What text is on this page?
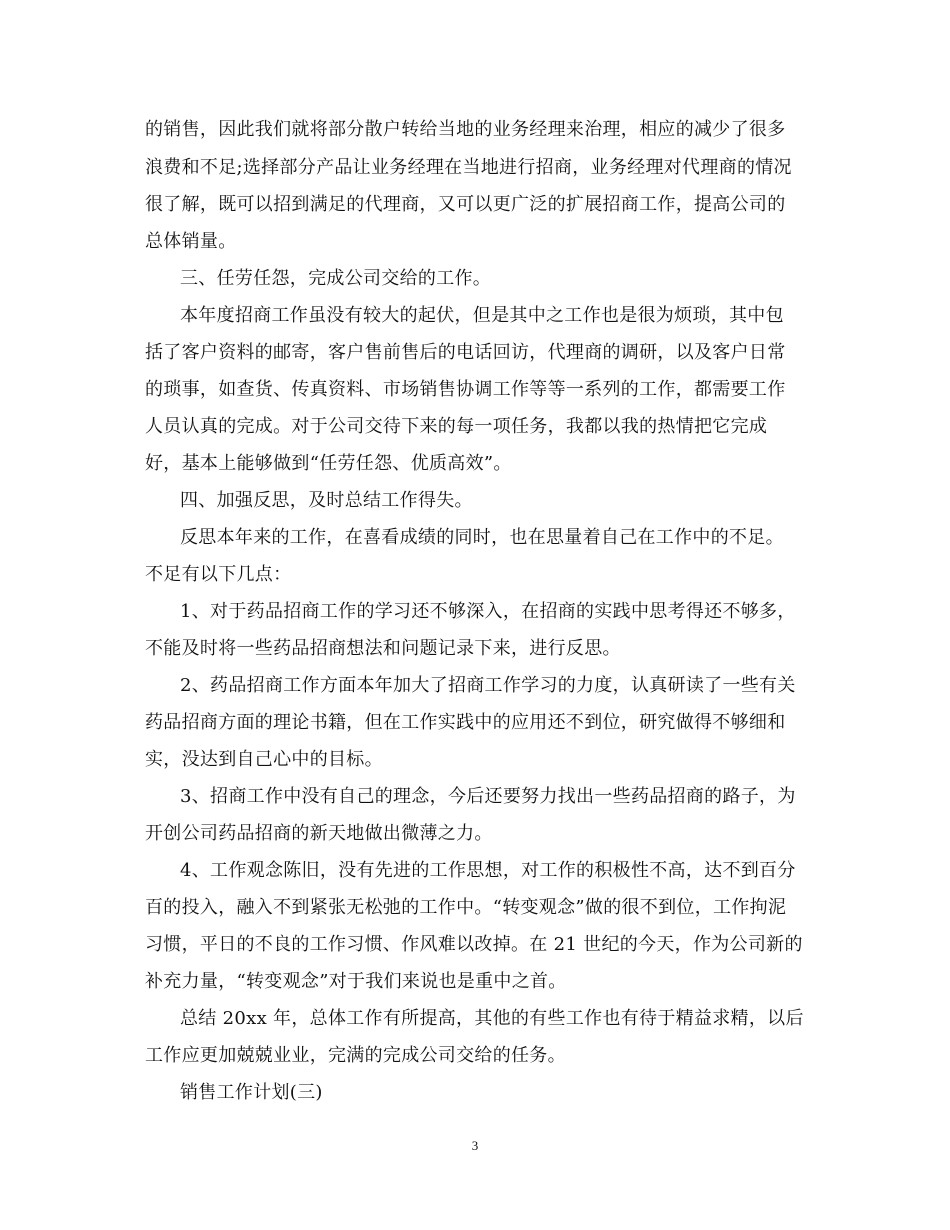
的销售，因此我们就将部分散户转给当地的业务经理来治理，相应的减少了很多
浪费和不足;选择部分产品让业务经理在当地进行招商，业务经理对代理商的情况
很了解，既可以招到满足的代理商，又可以更广泛的扩展招商工作，提高公司的
总体销量。
三、任劳任怨，完成公司交给的工作。
本年度招商工作虽没有较大的起伏，但是其中之工作也是很为烦琐，其中包
括了客户资料的邮寄，客户售前售后的电话回访，代理商的调研，以及客户日常
的琐事，如查货、传真资料、市场销售协调工作等等一系列的工作，都需要工作
人员认真的完成。对于公司交待下来的每一项任务，我都以我的热情把它完成
好，基本上能够做到“任劳任怨、优质高效”。
四、加强反思，及时总结工作得失。
反思本年来的工作，在喜看成绩的同时，也在思量着自己在工作中的不足。
不足有以下几点：
1、对于药品招商工作的学习还不够深入，在招商的实践中思考得还不够多，
不能及时将一些药品招商想法和问题记录下来，进行反思。
2、药品招商工作方面本年加大了招商工作学习的力度，认真研读了一些有关
药品招商方面的理论书籍，但在工作实践中的应用还不到位，研究做得不够细和
实，没达到自己心中的目标。
3、招商工作中没有自己的理念，今后还要努力找出一些药品招商的路子，为
开创公司药品招商的新天地做出微薄之力。
4、工作观念陈旧，没有先进的工作思想，对工作的积极性不高，达不到百分
百的投入，融入不到紧张无松弛的工作中。“转变观念”做的很不到位，工作拘泥
习惯，平日的不良的工作习惯、作风难以改掉。在 21 世纪的今天，作为公司新的
补充力量，“转变观念”对于我们来说也是重中之首。
总结 20xx 年，总体工作有所提高，其他的有些工作也有待于精益求精，以后
工作应更加兢兢业业，完满的完成公司交给的任务。
销售工作计划(三)
3
